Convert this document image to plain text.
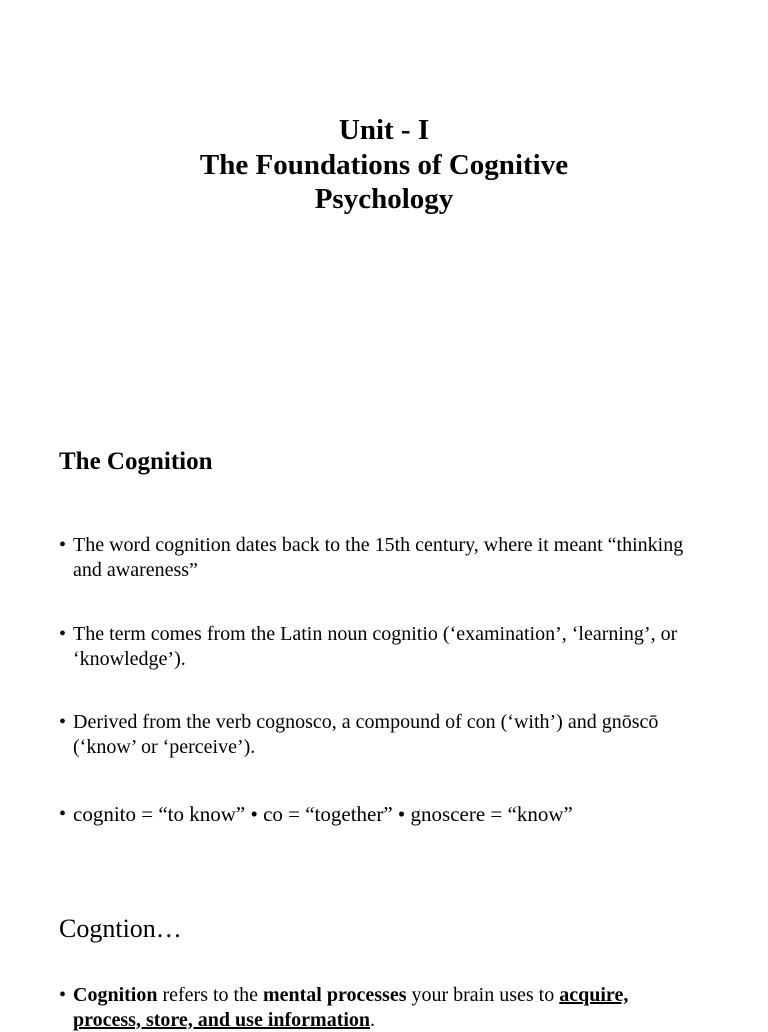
Unit - I
The Foundations of Cognitive
Psychology
The Cognition
• The word cognition dates back to the 15th century, where it meant “thinking and awareness”
• The term comes from the Latin noun cognitio (‘examination’, ‘learning’, or ‘knowledge’).
• Derived from the verb cognosco, a compound of con (‘with’) and gnōscō (‘know’ or ‘perceive’).
• cognito = “to know” • co = “together” • gnoscere = “know”
Cogntion…
• Cognition refers to the mental processes your brain uses to acquire, process, store, and use information.
